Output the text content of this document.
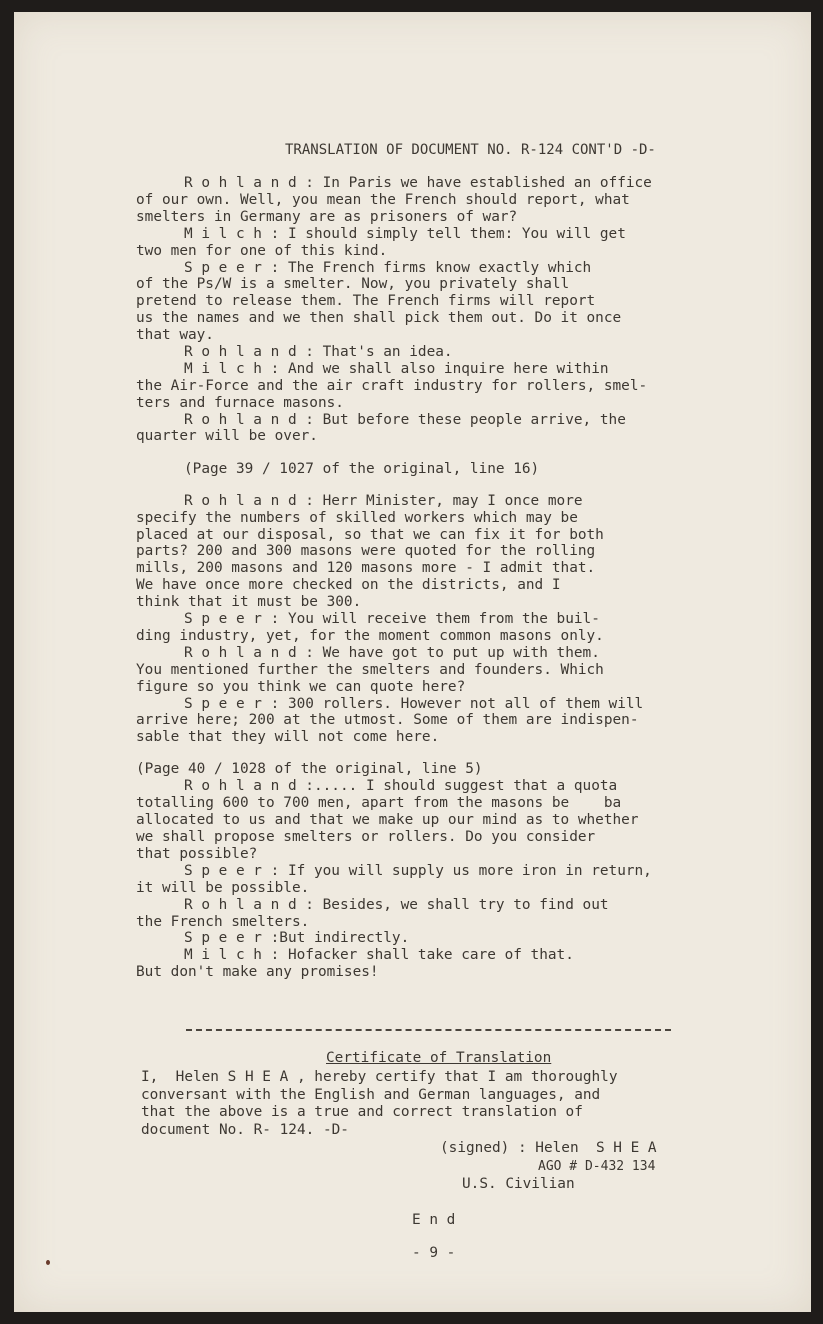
TRANSLATION OF DOCUMENT NO. R-124 CONT'D -D-
R o h l a n d : In Paris we have established an office
of our own. Well, you mean the French should report, what
smelters in Germany are as prisoners of war?
M i l c h : I should simply tell them: You will get
two men for one of this kind.
S p e e r : The French firms know exactly which
of the Ps/W is a smelter. Now, you privately shall
pretend to release them. The French firms will report
us the names and we then shall pick them out. Do it once
that way.
R o h l a n d : That's an idea.
M i l c h : And we shall also inquire here within
the Air-Force and the air craft industry for rollers, smel-
ters and furnace masons.
R o h l a n d : But before these people arrive, the
quarter will be over.
(Page 39 / 1027 of the original, line 16)
R o h l a n d : Herr Minister, may I once more
specify the numbers of skilled workers which may be
placed at our disposal, so that we can fix it for both
parts? 200 and 300 masons were quoted for the rolling
mills, 200 masons and 120 masons more - I admit that.
We have once more checked on the districts, and I
think that it must be 300.
S p e e r : You will receive them from the buil-
ding industry, yet, for the moment common masons only.
R o h l a n d : We have got to put up with them.
You mentioned further the smelters and founders. Which
figure so you think we can quote here?
S p e e r : 300 rollers. However not all of them will
arrive here; 200 at the utmost. Some of them are indispen-
sable that they will not come here.
(Page 40 / 1028 of the original, line 5)
R o h l a n d :..... I should suggest that a quota
totalling 600 to 700 men, apart from the masons be    ba
allocated to us and that we make up our mind as to whether
we shall propose smelters or rollers. Do you consider
that possible?
S p e e r : If you will supply us more iron in return,
it will be possible.
R o h l a n d : Besides, we shall try to find out
the French smelters.
S p e e r :But indirectly.
M i l c h : Hofacker shall take care of that.
But don't make any promises!
Certificate of Translation
I,  Helen S H E A , hereby certify that I am thoroughly
conversant with the English and German languages, and
that the above is a true and correct translation of
document No. R- 124. -D-
(signed) : Helen  S H E A
AGO # D-432 134
U.S. Civilian
E n d
- 9 -
